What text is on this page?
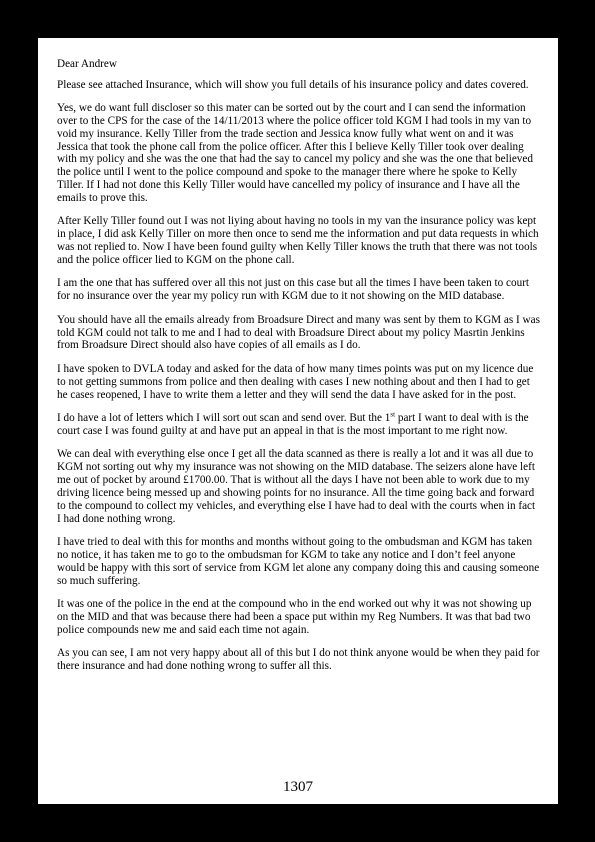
Dear Andrew

Please see attached Insurance, which will show you full details of his insurance policy and dates covered.

Yes, we do want full discloser so this mater can be sorted out by the court and I can send the information over to the CPS for the case of the 14/11/2013 where the police officer told KGM I had tools in my van to void my insurance. Kelly Tiller from the trade section and Jessica know fully what went on and it was Jessica that took the phone call from the police officer. After this I believe Kelly Tiller took over dealing with my policy and she was the one that had the say to cancel my policy and she was the one that believed the police until I went to the police compound and spoke to the manager there where he spoke to Kelly Tiller. If I had not done this Kelly Tiller would have cancelled my policy of insurance and I have all the emails to prove this.

After Kelly Tiller found out I was not liying about having no tools in my van the insurance policy was kept in place, I did ask Kelly Tiller on more then once to send me the information and put data requests in which was not replied to. Now I have been found guilty when Kelly Tiller knows the truth that there was not tools and the police officer lied to KGM on the phone call.

I am the one that has suffered over all this not just on this case but all the times I have been taken to court for no insurance over the year my policy run with KGM due to it not showing on the MID database.

You should have all the emails already from Broadsure Direct and many was sent by them to KGM as I was told KGM could not talk to me and I had to deal with Broadsure Direct about my policy Masrtin Jenkins from Broadsure Direct should also have copies of all emails as I do.

I have spoken to DVLA today and asked for the data of how many times points was put on my licence due to not getting summons from police and then dealing with cases I new nothing about and then I had to get he cases reopened, I have to write them a letter and they will send the data I have asked for in the post.

I do have a lot of letters which I will sort out scan and send over. But the 1st part I want to deal with is the court case I was found guilty at and have put an appeal in that is the most important to me right now.

We can deal with everything else once I get all the data scanned as there is really a lot and it was all due to KGM not sorting out why my insurance was not showing on the MID database. The seizers alone have left me out of pocket by around £1700.00. That is without all the days I have not been able to work due to my driving licence being messed up and showing points for no insurance. All the time going back and forward to the compound to collect my vehicles, and everything else I have had to deal with the courts when in fact I had done nothing wrong.

I have tried to deal with this for months and months without going to the ombudsman and KGM has taken no notice, it has taken me to go to the ombudsman for KGM to take any notice and I don’t feel anyone would be happy with this sort of service from KGM let alone any company doing this and causing someone so much suffering.

It was one of the police in the end at the compound who in the end worked out why it was not showing up on the MID and that was because there had been a space put within my Reg Numbers. It was that bad two police compounds new me and said each time not again.

As you can see, I am not very happy about all of this but I do not think anyone would be when they paid for there insurance and had done nothing wrong to suffer all this.

1307
